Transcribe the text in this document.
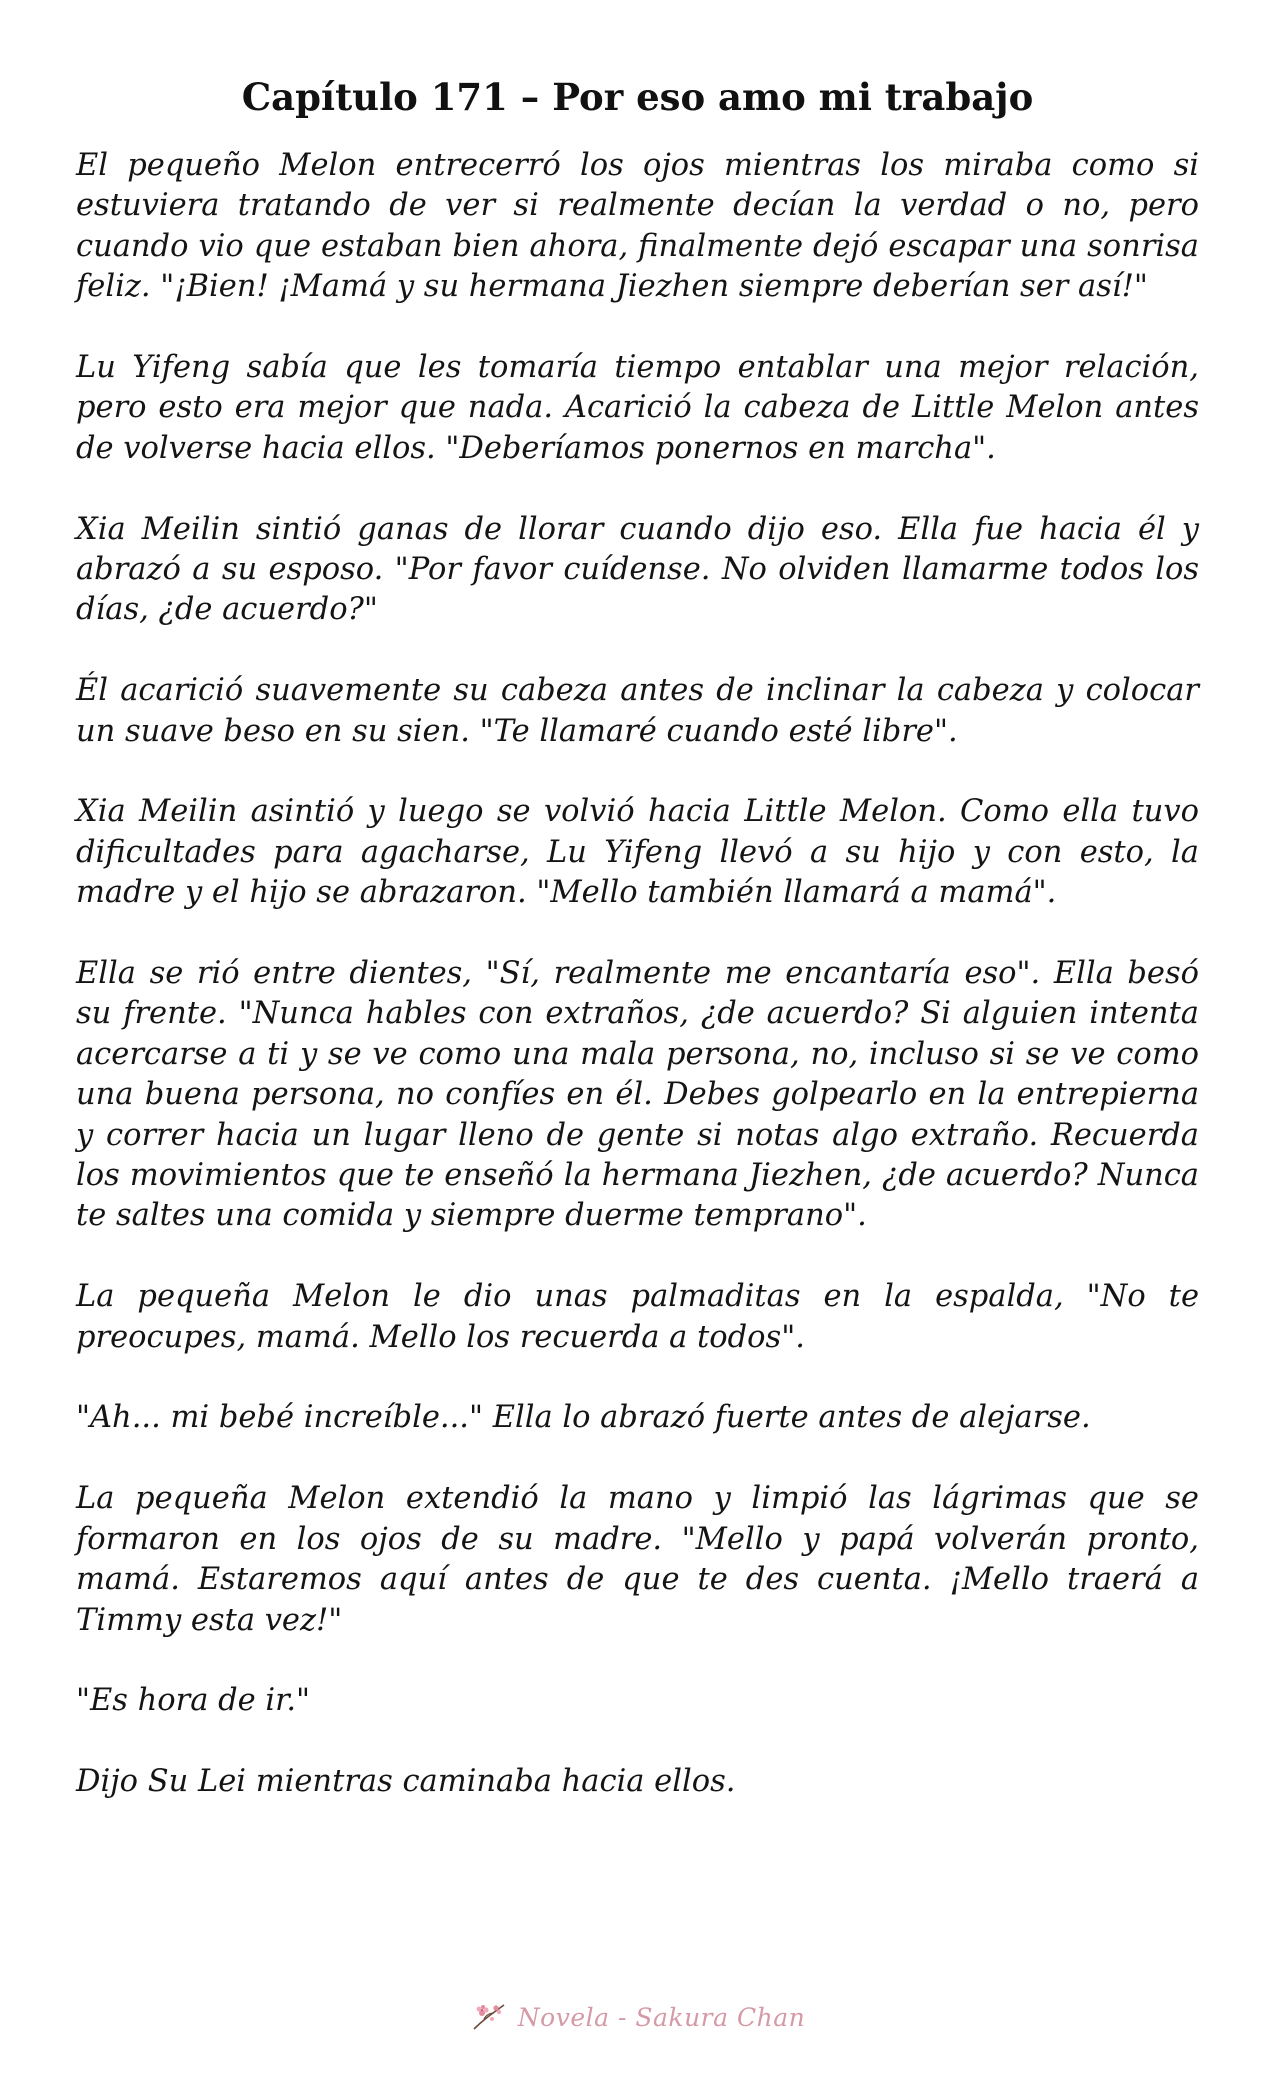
Capítulo 171 – Por eso amo mi trabajo

El pequeño Melon entrecerró los ojos mientras los miraba como si estuviera tratando de ver si realmente decían la verdad o no, pero cuando vio que estaban bien ahora, finalmente dejó escapar una sonrisa feliz. "¡Bien! ¡Mamá y su hermana Jiezhen siempre deberían ser así!"

Lu Yifeng sabía que les tomaría tiempo entablar una mejor relación, pero esto era mejor que nada. Acarició la cabeza de Little Melon antes de volverse hacia ellos. "Deberíamos ponernos en marcha".

Xia Meilin sintió ganas de llorar cuando dijo eso. Ella fue hacia él y abrazó a su esposo. "Por favor cuídense. No olviden llamarme todos los días, ¿de acuerdo?"

Él acarició suavemente su cabeza antes de inclinar la cabeza y colocar un suave beso en su sien. "Te llamaré cuando esté libre".

Xia Meilin asintió y luego se volvió hacia Little Melon. Como ella tuvo dificultades para agacharse, Lu Yifeng llevó a su hijo y con esto, la madre y el hijo se abrazaron. "Mello también llamará a mamá".

Ella se rió entre dientes, "Sí, realmente me encantaría eso". Ella besó su frente. "Nunca hables con extraños, ¿de acuerdo? Si alguien intenta acercarse a ti y se ve como una mala persona, no, incluso si se ve como una buena persona, no confíes en él. Debes golpearlo en la entrepierna y correr hacia un lugar lleno de gente si notas algo extraño. Recuerda los movimientos que te enseñó la hermana Jiezhen, ¿de acuerdo? Nunca te saltes una comida y siempre duerme temprano".

La pequeña Melon le dio unas palmaditas en la espalda, "No te preocupes, mamá. Mello los recuerda a todos".

"Ah... mi bebé increíble..." Ella lo abrazó fuerte antes de alejarse.

La pequeña Melon extendió la mano y limpió las lágrimas que se formaron en los ojos de su madre. "Mello y papá volverán pronto, mamá. Estaremos aquí antes de que te des cuenta. ¡Mello traerá a Timmy esta vez!"

"Es hora de ir."

Dijo Su Lei mientras caminaba hacia ellos.

Novela - Sakura Chan
